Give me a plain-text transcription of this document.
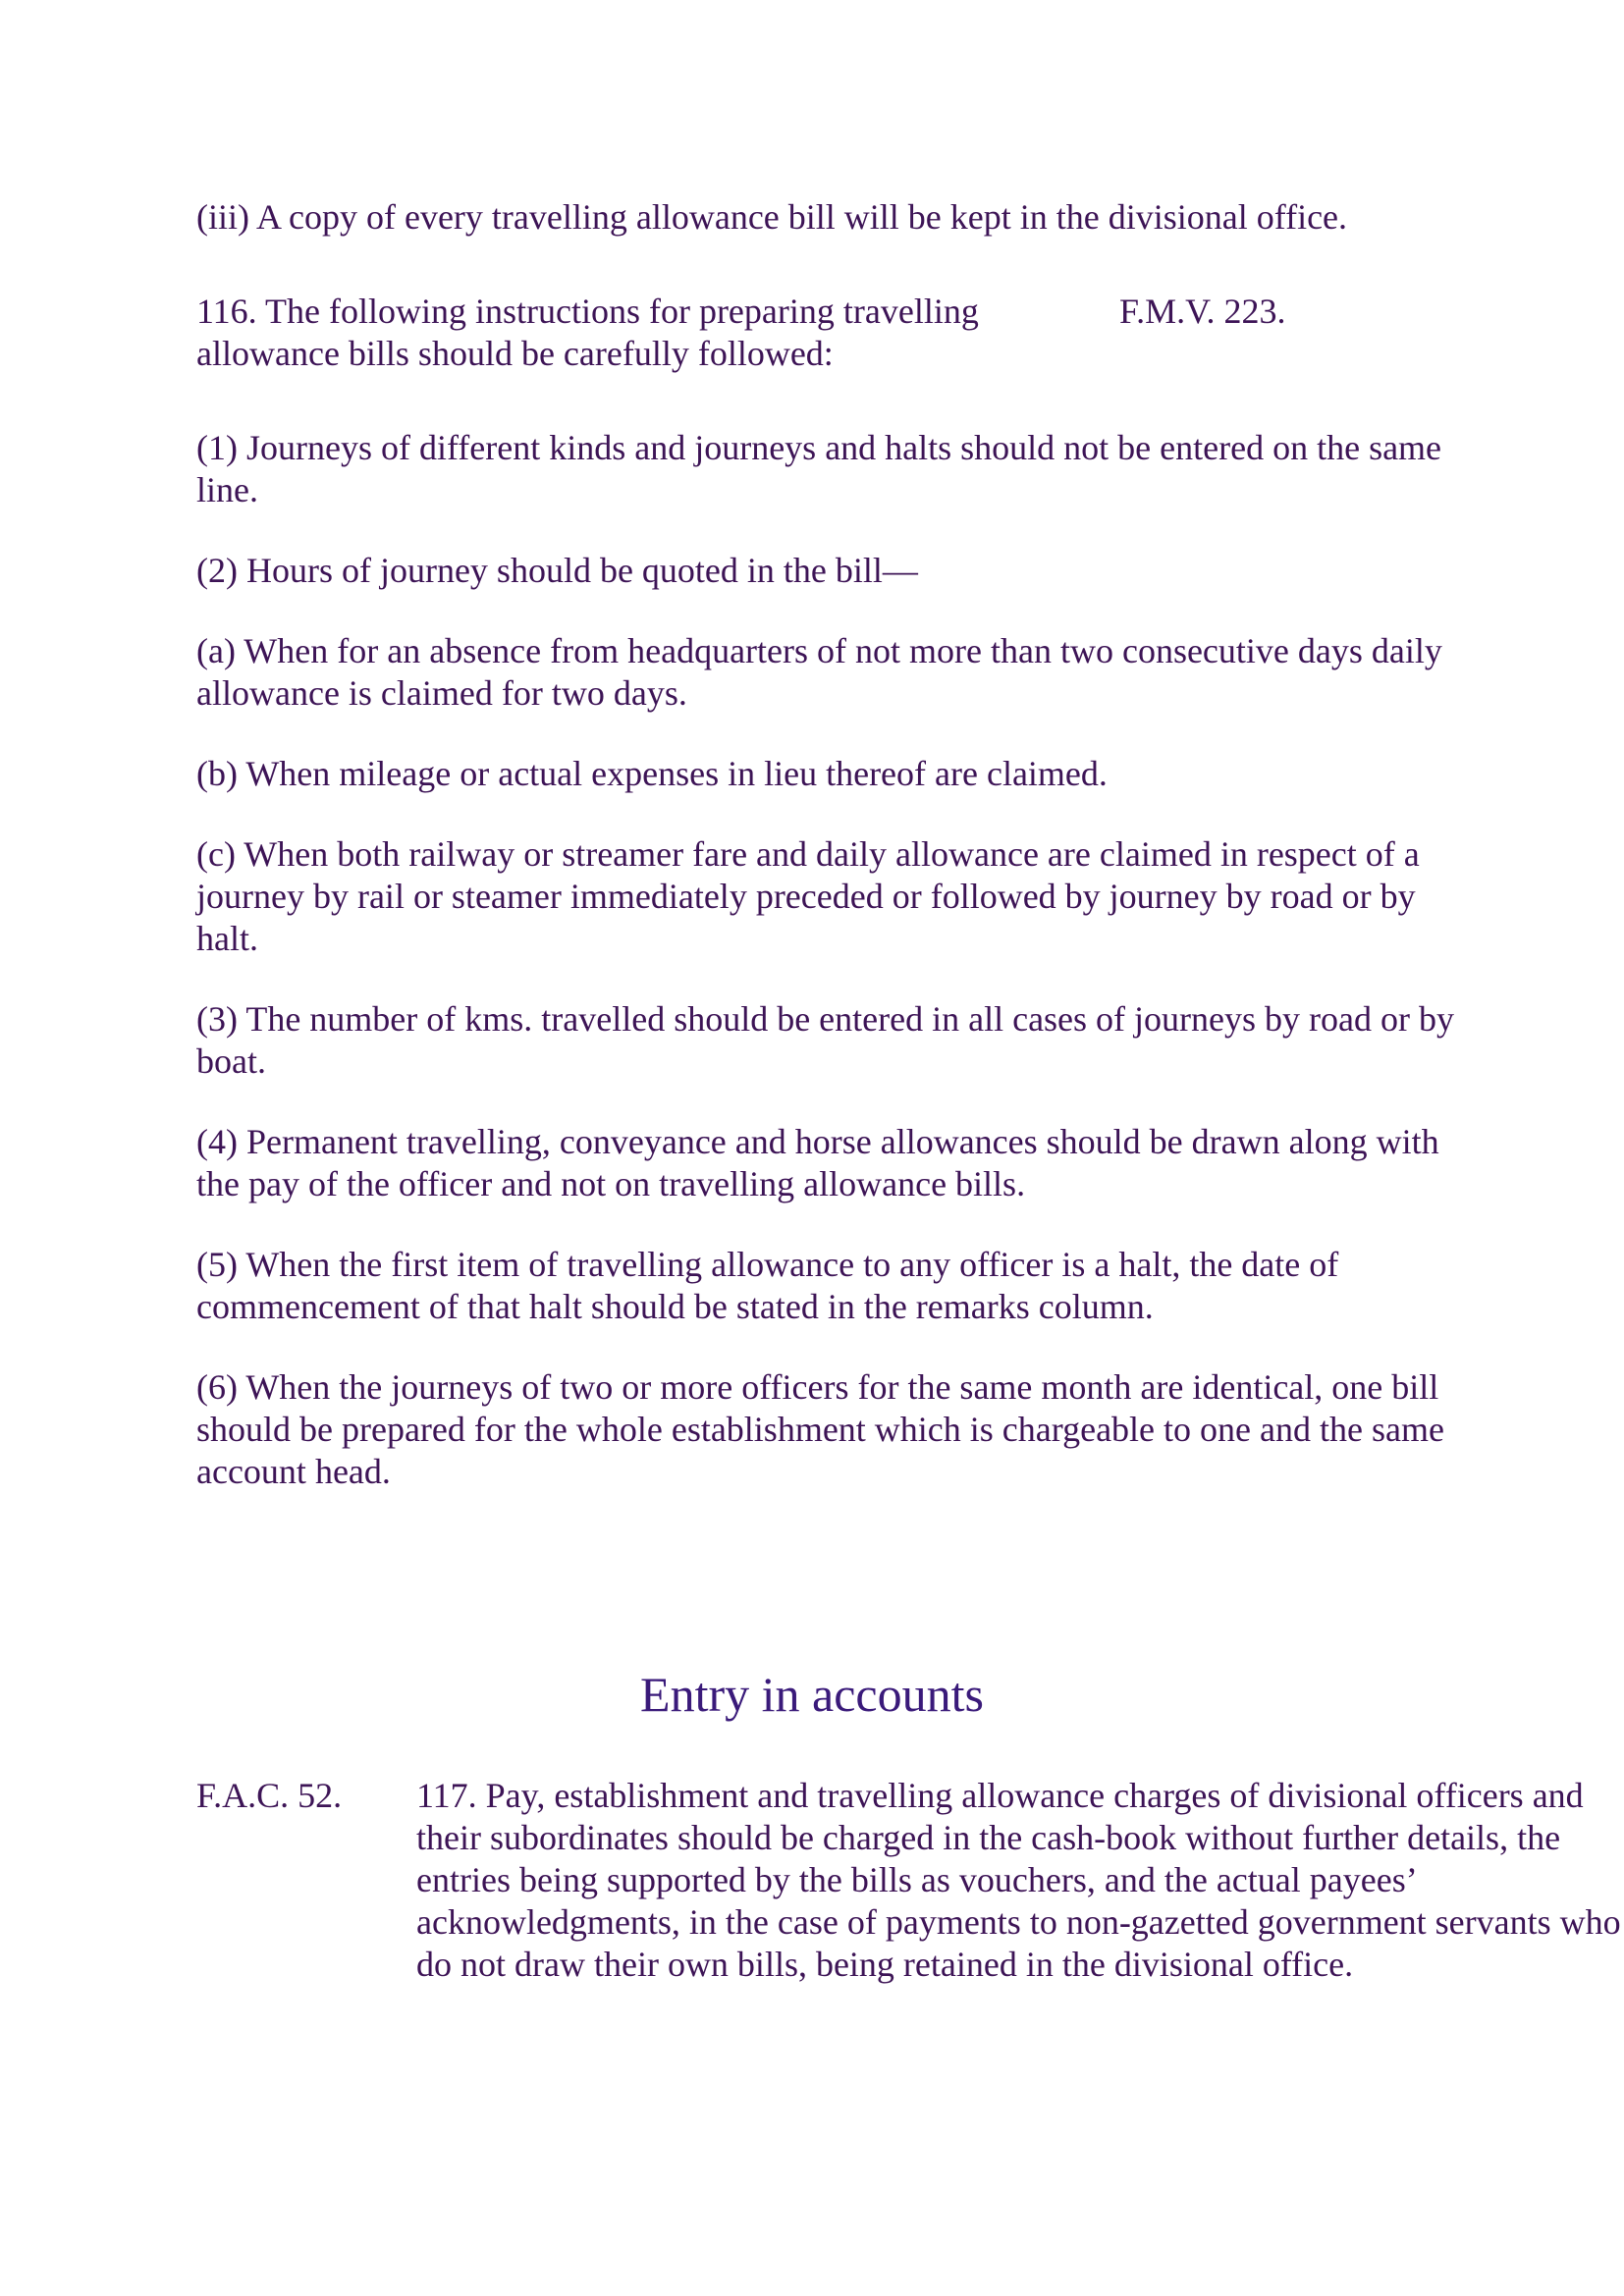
(iii) A copy of every travelling allowance bill will be kept in the divisional office.

116. The following instructions for preparing travelling allowance bills should be carefully followed:

F.M.V. 223.

(1) Journeys of different kinds and journeys and halts should not be entered on the same line.

(2) Hours of journey should be quoted in the bill—

(a) When for an absence from headquarters of not more than two consecutive days daily allowance is claimed for two days.

(b) When mileage or actual expenses in lieu thereof are claimed.

(c) When both railway or streamer fare and daily allowance are claimed in respect of a journey by rail or steamer immediately preceded or followed by journey by road or by halt.

(3) The number of kms. travelled should be entered in all cases of journeys by road or by boat.

(4) Permanent travelling, conveyance and horse allowances should be drawn along with the pay of the officer and not on travelling allowance bills.

(5) When the first item of travelling allowance to any officer is a halt, the date of commencement of that halt should be stated in the remarks column.

(6) When the journeys of two or more officers for the same month are identical, one bill should be prepared for the whole establishment which is chargeable to one and the same account head.

Entry in accounts

F.A.C. 52. 117. Pay, establishment and travelling allowance charges of divisional officers and their subordinates should be charged in the cash-book without further details, the entries being supported by the bills as vouchers, and the actual payees’ acknowledgments, in the case of payments to non-gazetted government servants who do not draw their own bills, being retained in the divisional office.
